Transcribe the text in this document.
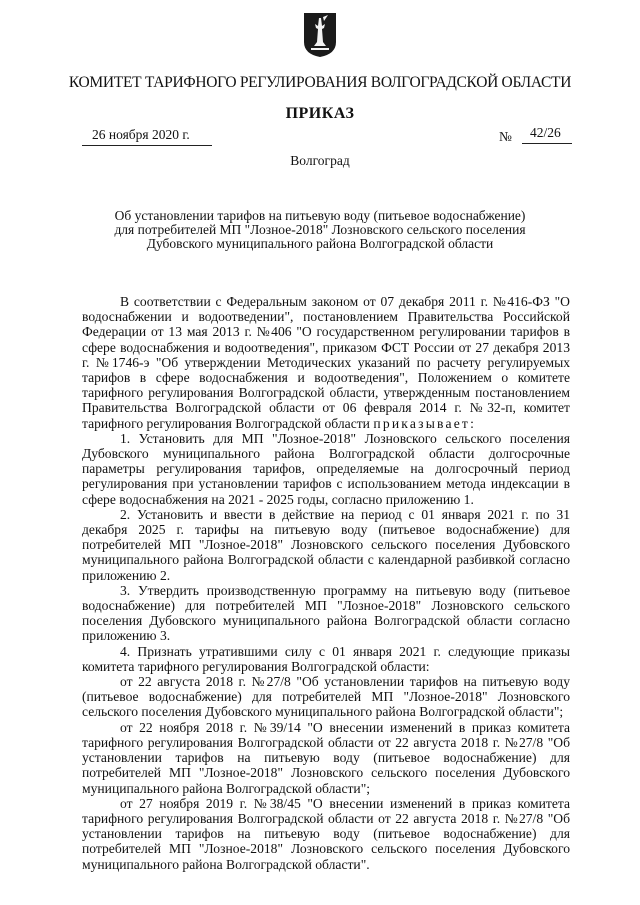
КОМИТЕТ ТАРИФНОГО РЕГУЛИРОВАНИЯ ВОЛГОГРАДСКОЙ ОБЛАСТИ
ПРИКАЗ
26 ноября 2020 г.	№ 42/26
Волгоград
Об установлении тарифов на питьевую воду (питьевое водоснабжение)
для потребителей МП "Лозное-2018" Лозновского сельского поселения
Дубовского муниципального района Волгоградской области

В соответствии с Федеральным законом от 07 декабря 2011 г. №416-ФЗ "О водоснабжении и водоотведении", постановлением Правительства Российской Федерации от 13 мая 2013 г. №406 "О государственном регулировании тарифов в сфере водоснабжения и водоотведения", приказом ФСТ России от 27 декабря 2013 г. №1746-э "Об утверждении Методических указаний по расчету регулируемых тарифов в сфере водоснабжения и водоотведения", Положением о комитете тарифного регулирования Волгоградской области, утвержденным постановлением Правительства Волгоградской области от 06 февраля 2014 г. №32-п, комитет тарифного регулирования Волгоградской области приказывает:

1. Установить для МП "Лозное-2018" Лозновского сельского поселения Дубовского муниципального района Волгоградской области долгосрочные параметры регулирования тарифов, определяемые на долгосрочный период регулирования при установлении тарифов с использованием метода индексации в сфере водоснабжения на 2021 - 2025 годы, согласно приложению 1.

2. Установить и ввести в действие на период с 01 января 2021 г. по 31 декабря 2025 г. тарифы на питьевую воду (питьевое водоснабжение) для потребителей МП "Лозное-2018" Лозновского сельского поселения Дубовского муниципального района Волгоградской области с календарной разбивкой согласно приложению 2.

3. Утвердить производственную программу на питьевую воду (питьевое водоснабжение) для потребителей МП "Лозное-2018" Лозновского сельского поселения Дубовского муниципального района Волгоградской области согласно приложению 3.

4. Признать утратившими силу с 01 января 2021 г. следующие приказы комитета тарифного регулирования Волгоградской области:

от 22 августа 2018 г. №27/8 "Об установлении тарифов на питьевую воду (питьевое водоснабжение) для потребителей МП "Лозное-2018" Лозновского сельского поселения Дубовского муниципального района Волгоградской области";

от 22 ноября 2018 г. №39/14 "О внесении изменений в приказ комитета тарифного регулирования Волгоградской области от 22 августа 2018 г. №27/8 "Об установлении тарифов на питьевую воду (питьевое водоснабжение) для потребителей МП "Лозное-2018" Лозновского сельского поселения Дубовского муниципального района Волгоградской области";

от 27 ноября 2019 г. №38/45 "О внесении изменений в приказ комитета тарифного регулирования Волгоградской области от 22 августа 2018 г. №27/8 "Об установлении тарифов на питьевую воду (питьевое водоснабжение) для потребителей МП "Лозное-2018" Лозновского сельского поселения Дубовского муниципального района Волгоградской области".
